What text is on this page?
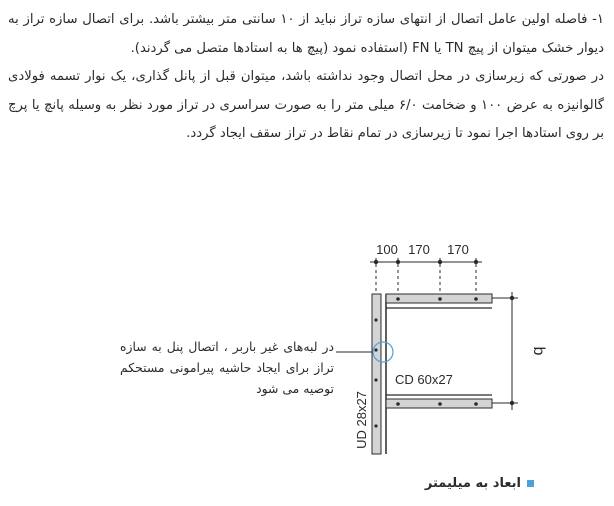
۱- فاصله اولین عامل اتصال از انتهای سازه تراز نباید از ۱۰ سانتی متر بیشتر باشد. برای اتصال سازه تراز به دیوار خشک میتوان از پیچ TN یا FN (استفاده نمود (پیچ ها به استادها متصل می گردند).

در صورتی که زیرسازی در محل اتصال وجود نداشته باشد، میتوان قبل از پانل گذاری، یک نوار تسمه فولادی گالوانیزه به عرض ۱۰۰ و ضخامت ۶/۰ میلی متر را به صورت سراسری در تراز مورد نظر به وسیله پانچ یا پرچ بر روی استادها اجرا نمود تا زیرسازی در تمام نقاط در تراز سقف ایجاد گردد.

100 170 170
b
CD 60x27
UD 28x27

در لبه‌های غیر باربر ، اتصال پنل به سازه تراز برای ایجاد حاشیه پیرامونی مستحکم توصیه می شود

ابعاد به میلیمتر
